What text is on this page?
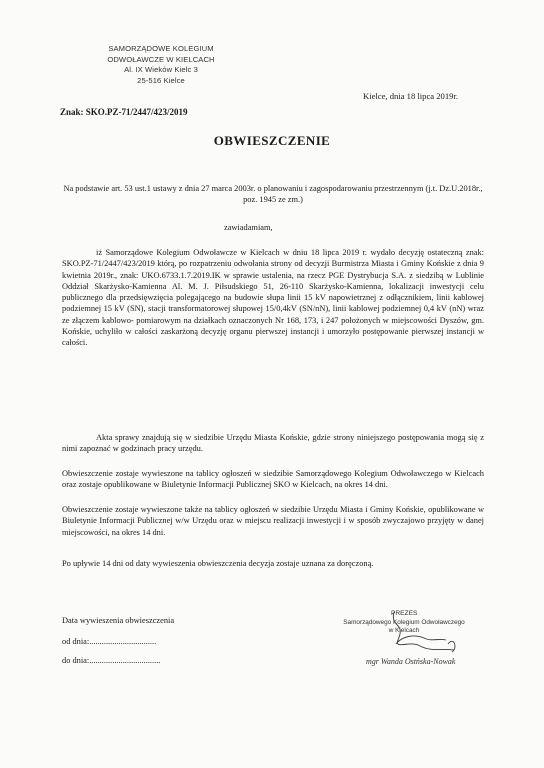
SAMORZĄDOWE KOLEGIUM
ODWOŁAWCZE W KIELCACH
Al. IX Wieków Kielc 3
25-516 Kielce
Kielce, dnia 18 lipca 2019r.
Znak: SKO.PZ-71/2447/423/2019
OBWIESZCZENIE

Na podstawie art. 53 ust.1 ustawy z dnia 27 marca 2003r. o planowaniu i zagospodarowaniu przestrzennym (j.t. Dz.U.2018r., poz. 1945 ze zm.)

zawiadamiam,

iż Samorządowe Kolegium Odwoławcze w Kielcach w dniu 18 lipca 2019 r. wydało decyzję ostateczną znak: SKO.PZ-71/2447/423/2019 którą, po rozpatrzeniu odwołania strony od decyzji Burmistrza Miasta i Gminy Końskie z dnia 9 kwietnia 2019r., znak: UKO.6733.1.7.2019.IK w sprawie ustalenia, na rzecz PGE Dystrybucja S.A. z siedzibą w Lublinie Oddział Skarżysko-Kamienna Al. M. J. Piłsudskiego 51, 26-110 Skarżysko-Kamienna, lokalizacji inwestycji celu publicznego dla przedsięwzięcia polegającego na budowie słupa linii 15 kV napowietrznej z odłącznikiem, linii kablowej podziemnej 15 kV (SN), stacji transformatorowej słupowej 15/0,4kV (SN/nN), linii kablowej podziemnej 0,4 kV (nN) wraz ze złączem kablowo- pomiarowym na działkach oznaczonych Nr 168, 173, i 247 położonych w miejscowości Dyszów, gm. Końskie, uchyliło w całości zaskarżoną decyzję organu pierwszej instancji i umorzyło postępowanie pierwszej instancji w całości.

Akta sprawy znajdują się w siedzibie Urzędu Miasta Końskie, gdzie strony niniejszego postępowania mogą się z nimi zapoznać w godzinach pracy urzędu.

Obwieszczenie zostaje wywieszone na tablicy ogłoszeń w siedzibie Samorządowego Kolegium Odwoławczego w Kielcach oraz zostaje opublikowane w Biuletynie Informacji Publicznej SKO w Kielcach, na okres 14 dni.

Obwieszczenie zostaje wywieszone także na tablicy ogłoszeń w siedzibie Urzędu Miasta i Gminy Końskie, opublikowane w Biuletynie Informacji Publicznej w/w Urzędu oraz w miejscu realizacji inwestycji i w sposób zwyczajowo przyjęty w danej miejscowości, na okres 14 dni.

Po upływie 14 dni od daty wywieszenia obwieszczenia decyzja zostaje uznana za doręczoną.

Data wywieszenia obwieszczenia
od dnia:................................
do dnia:..................................
PREZES
Samorządowego Kolegium Odwoławczego
w Kielcach
mgr Wanda Ostńska-Nowak
